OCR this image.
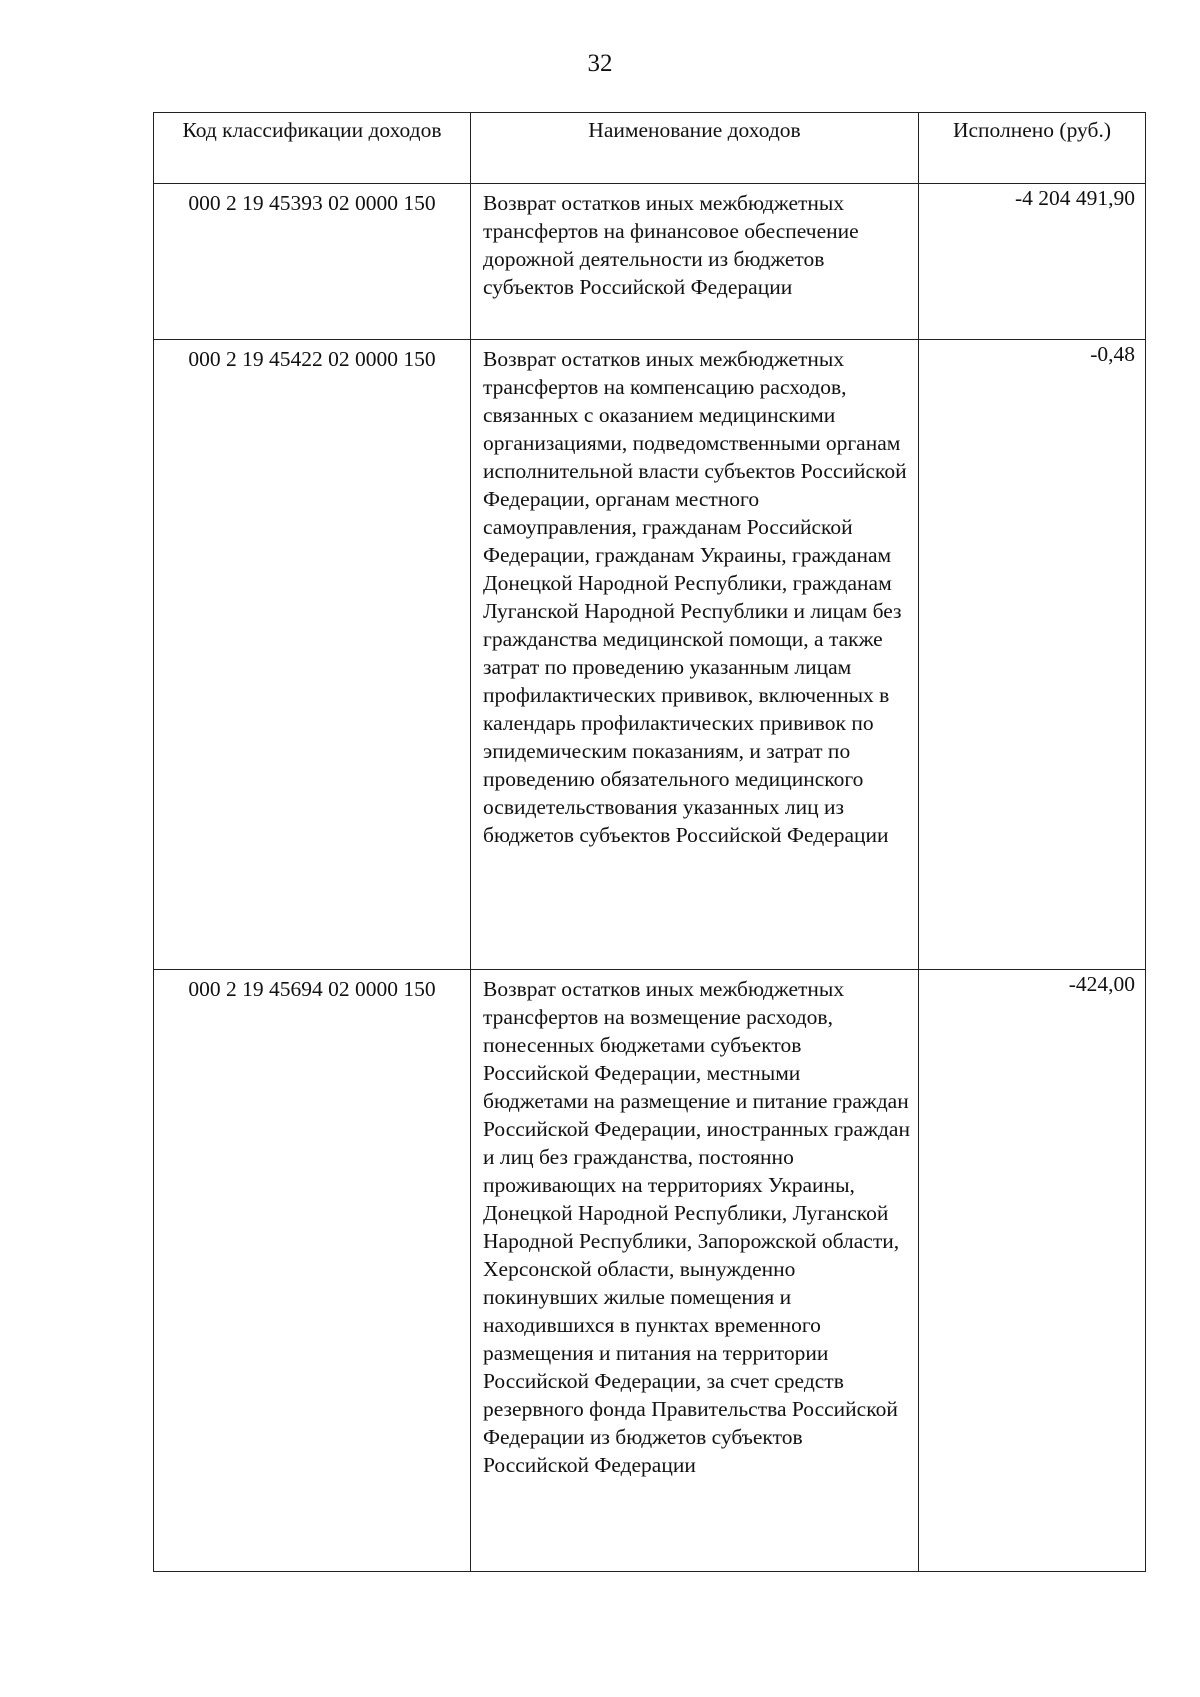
32
Код классификации доходов	Наименование доходов	Исполнено (руб.)
000 2 19 45393 02 0000 150	Возврат остатков иных межбюджетных трансфертов на финансовое обеспечение дорожной деятельности из бюджетов субъектов Российской Федерации	-4 204 491,90
000 2 19 45422 02 0000 150	Возврат остатков иных межбюджетных трансфертов на компенсацию расходов, связанных с оказанием медицинскими организациями, подведомственными органам исполнительной власти субъектов Российской Федерации, органам местного самоуправления, гражданам Российской Федерации, гражданам Украины, гражданам Донецкой Народной Республики, гражданам Луганской Народной Республики и лицам без гражданства медицинской помощи, а также затрат по проведению указанным лицам профилактических прививок, включенных в календарь профилактических прививок по эпидемическим показаниям, и затрат по проведению обязательного медицинского освидетельствования указанных лиц из бюджетов субъектов Российской Федерации	-0,48
000 2 19 45694 02 0000 150	Возврат остатков иных межбюджетных трансфертов на возмещение расходов, понесенных бюджетами субъектов Российской Федерации, местными бюджетами на размещение и питание граждан Российской Федерации, иностранных граждан и лиц без гражданства, постоянно проживающих на территориях Украины, Донецкой Народной Республики, Луганской Народной Республики, Запорожской области, Херсонской области, вынужденно покинувших жилые помещения и находившихся в пунктах временного размещения и питания на территории Российской Федерации, за счет средств резервного фонда Правительства Российской Федерации из бюджетов субъектов Российской Федерации	-424,00
